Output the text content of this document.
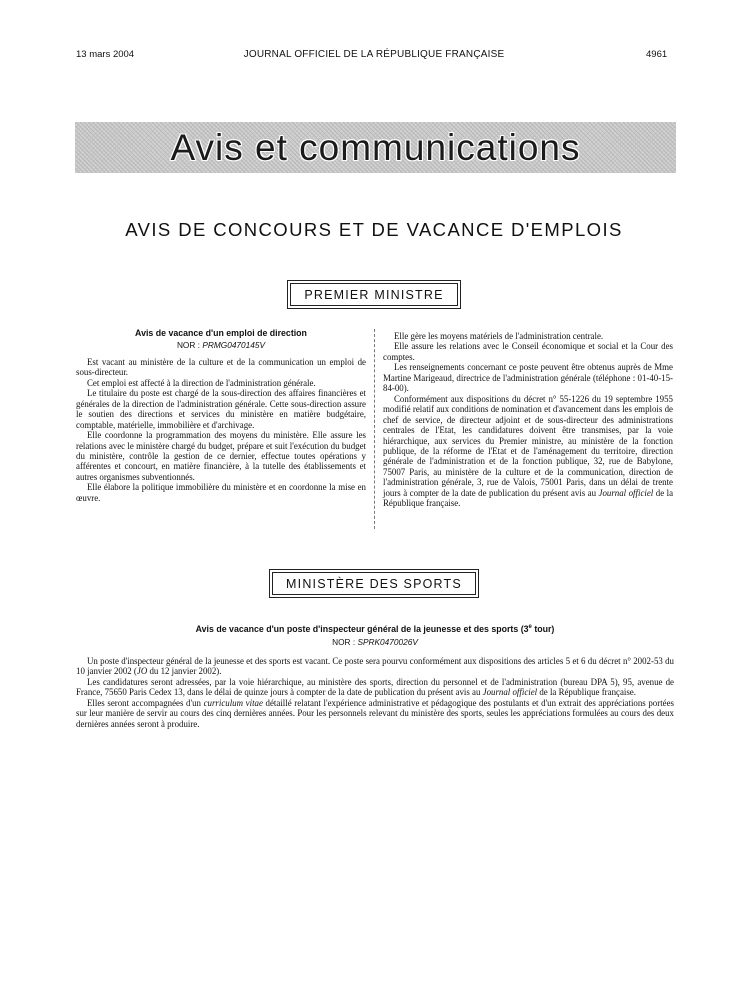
13 mars 2004	JOURNAL OFFICIEL DE LA RÉPUBLIQUE FRANÇAISE	4961
Avis et communications
AVIS DE CONCOURS ET DE VACANCE D'EMPLOIS
PREMIER MINISTRE

Avis de vacance d'un emploi de direction

NOR : PRMG0470145V

Est vacant au ministère de la culture et de la communication un emploi de sous-directeur.

Cet emploi est affecté à la direction de l'administration générale.

Le titulaire du poste est chargé de la sous-direction des affaires financières et générales de la direction de l'administration générale. Cette sous-direction assure le soutien des directions et services du ministère en matière budgétaire, comptable, matérielle, immobilière et d'archivage.

Elle coordonne la programmation des moyens du ministère. Elle assure les relations avec le ministère chargé du budget, prépare et suit l'exécution du budget du ministère, contrôle la gestion de ce dernier, effectue toutes opérations y afférentes et concourt, en matière financière, à la tutelle des établissements et autres organismes subventionnés.

Elle élabore la politique immobilière du ministère et en coordonne la mise en œuvre.

Elle gère les moyens matériels de l'administration centrale.

Elle assure les relations avec le Conseil économique et social et la Cour des comptes.

Les renseignements concernant ce poste peuvent être obtenus auprès de Mme Martine Marigeaud, directrice de l'administration générale (téléphone : 01-40-15-84-00).

Conformément aux dispositions du décret n° 55-1226 du 19 septembre 1955 modifié relatif aux conditions de nomination et d'avancement dans les emplois de chef de service, de directeur adjoint et de sous-directeur des administrations centrales de l'Etat, les candidatures doivent être transmises, par la voie hiérarchique, aux services du Premier ministre, au ministère de la fonction publique, de la réforme de l'Etat et de l'aménagement du territoire, direction générale de l'administration et de la fonction publique, 32, rue de Babylone, 75007 Paris, au ministère de la culture et de la communication, direction de l'administration générale, 3, rue de Valois, 75001 Paris, dans un délai de trente jours à compter de la date de publication du présent avis au Journal officiel de la République française.

MINISTÈRE DES SPORTS

Avis de vacance d'un poste d'inspecteur général de la jeunesse et des sports (3e tour)

NOR : SPRK0470026V

Un poste d'inspecteur général de la jeunesse et des sports est vacant. Ce poste sera pourvu conformément aux dispositions des articles 5 et 6 du décret n° 2002-53 du 10 janvier 2002 (JO du 12 janvier 2002).

Les candidatures seront adressées, par la voie hiérarchique, au ministère des sports, direction du personnel et de l'administration (bureau DPA 5), 95, avenue de France, 75650 Paris Cedex 13, dans le délai de quinze jours à compter de la date de publication du présent avis au Journal officiel de la République française.

Elles seront accompagnées d'un curriculum vitae détaillé relatant l'expérience administrative et pédagogique des postulants et d'un extrait des appréciations portées sur leur manière de servir au cours des cinq dernières années. Pour les personnels relevant du ministère des sports, seules les appréciations formulées au cours des deux dernières années seront à produire.
